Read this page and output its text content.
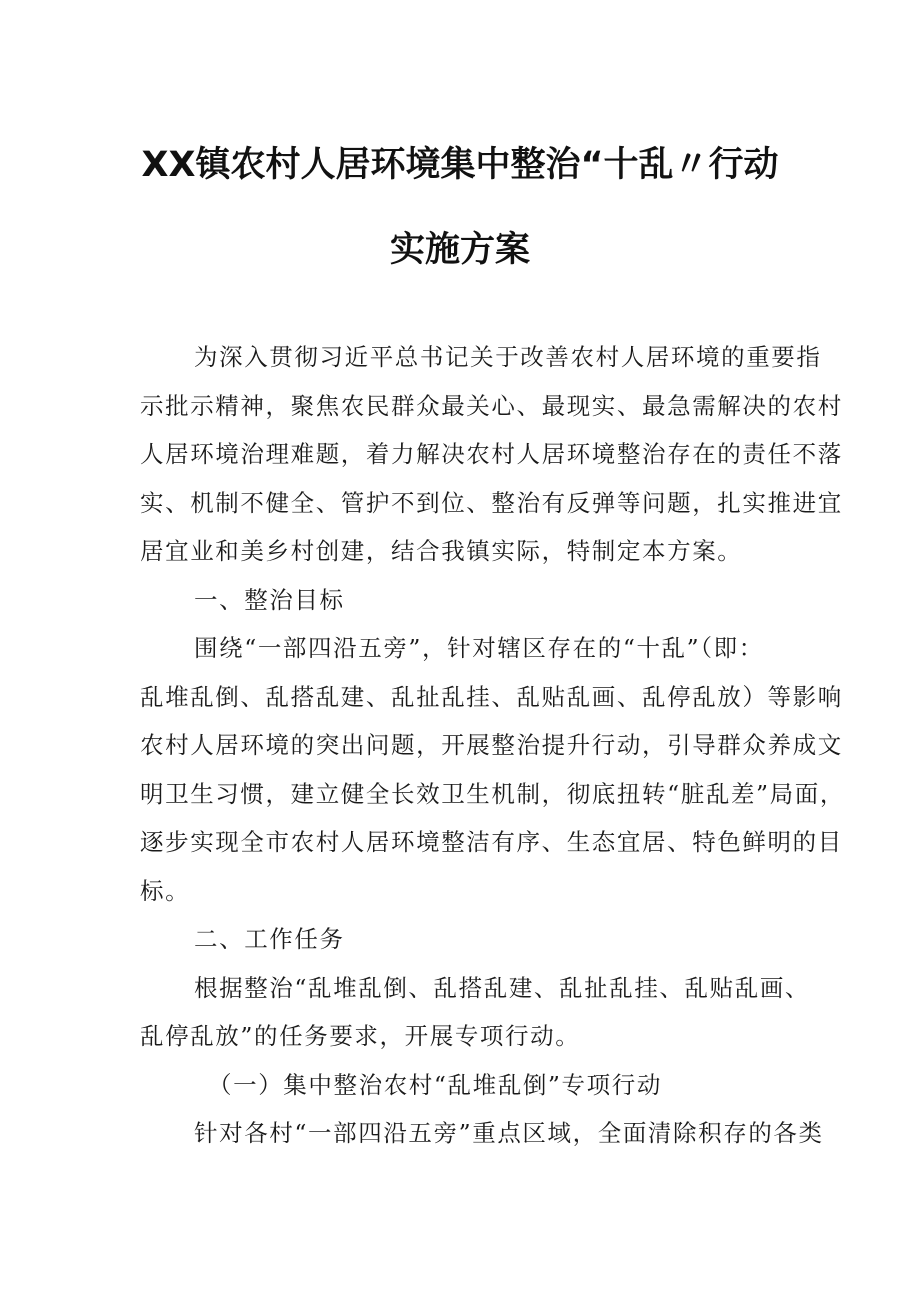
XX镇农村人居环境集中整治“十乱〃行动
实施方案
为深入贯彻习近平总书记关于改善农村人居环境的重要指
示批示精神，聚焦农民群众最关心、最现实、最急需解决的农村
人居环境治理难题，着力解决农村人居环境整治存在的责任不落
实、机制不健全、管护不到位、整治有反弹等问题，扎实推进宜
居宜业和美乡村创建，结合我镇实际，特制定本方案。
一、整治目标
围绕“一部四沿五旁”，针对辖区存在的“十乱”（即：
乱堆乱倒、乱搭乱建、乱扯乱挂、乱贴乱画、乱停乱放）等影响
农村人居环境的突出问题，开展整治提升行动，引导群众养成文
明卫生习惯，建立健全长效卫生机制，彻底扭转“脏乱差”局面，
逐步实现全市农村人居环境整洁有序、生态宜居、特色鲜明的目
标。
二、工作任务
根据整治“乱堆乱倒、乱搭乱建、乱扯乱挂、乱贴乱画、
乱停乱放”的任务要求，开展专项行动。
（一）集中整治农村“乱堆乱倒”专项行动
针对各村“一部四沿五旁”重点区域，全面清除积存的各类
